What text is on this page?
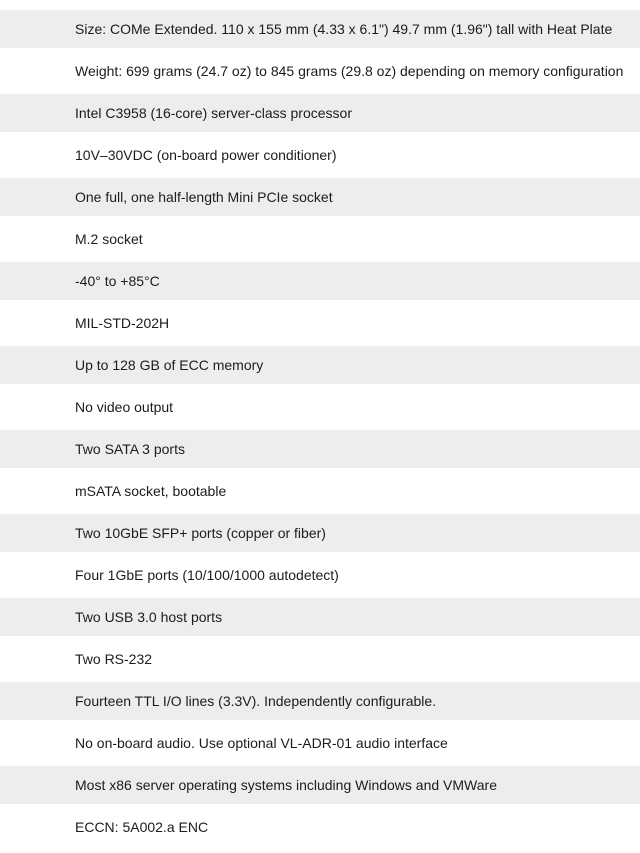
Size: COMe Extended. 110 x 155 mm (4.33 x 6.1") 49.7 mm (1.96") tall with Heat Plate
Weight: 699 grams (24.7 oz) to 845 grams (29.8 oz) depending on memory configuration
Intel C3958 (16-core) server-class processor
10V–30VDC (on-board power conditioner)
One full, one half-length Mini PCIe socket
M.2 socket
-40° to +85°C
MIL-STD-202H
Up to 128 GB of ECC memory
No video output
Two SATA 3 ports
mSATA socket, bootable
Two 10GbE SFP+ ports (copper or fiber)
Four 1GbE ports (10/100/1000 autodetect)
Two USB 3.0 host ports
Two RS-232
Fourteen TTL I/O lines (3.3V). Independently configurable.
No on-board audio. Use optional VL-ADR-01 audio interface
Most x86 server operating systems including Windows and VMWare
ECCN: 5A002.a ENC
